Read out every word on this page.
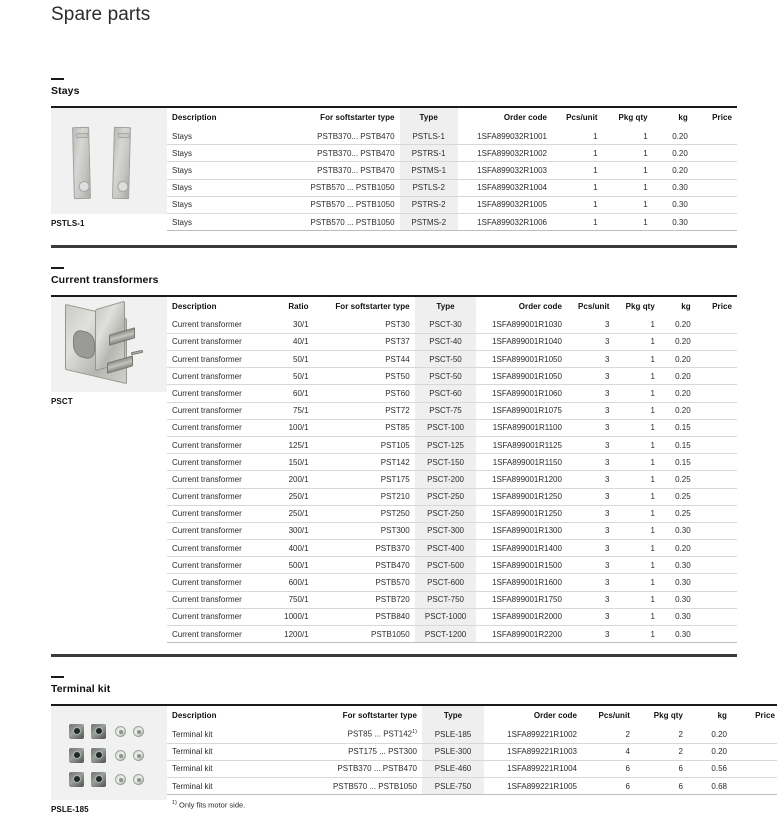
Spare parts
Stays
PSTLS-1
Description	For softstarter type	Type	Order code	Pcs/unit	Pkg qty	kg	Price
Stays	PSTB370... PSTB470	PSTLS-1	1SFA899032R1001	1	1	0.20	
Stays	PSTB370... PSTB470	PSTRS-1	1SFA899032R1002	1	1	0.20	
Stays	PSTB370... PSTB470	PSTMS-1	1SFA899032R1003	1	1	0.20	
Stays	PSTB570 ... PSTB1050	PSTLS-2	1SFA899032R1004	1	1	0.30	
Stays	PSTB570 ... PSTB1050	PSTRS-2	1SFA899032R1005	1	1	0.30	
Stays	PSTB570 ... PSTB1050	PSTMS-2	1SFA899032R1006	1	1	0.30	
Current transformers
PSCT
Description	Ratio	For softstarter type	Type	Order code	Pcs/unit	Pkg qty	kg	Price
Current transformer	30/1	PST30	PSCT-30	1SFA899001R1030	3	1	0.20	
Current transformer	40/1	PST37	PSCT-40	1SFA899001R1040	3	1	0.20	
Current transformer	50/1	PST44	PSCT-50	1SFA899001R1050	3	1	0.20	
Current transformer	50/1	PST50	PSCT-50	1SFA899001R1050	3	1	0.20	
Current transformer	60/1	PST60	PSCT-60	1SFA899001R1060	3	1	0.20	
Current transformer	75/1	PST72	PSCT-75	1SFA899001R1075	3	1	0.20	
Current transformer	100/1	PST85	PSCT-100	1SFA899001R1100	3	1	0.15	
Current transformer	125/1	PST105	PSCT-125	1SFA899001R1125	3	1	0.15	
Current transformer	150/1	PST142	PSCT-150	1SFA899001R1150	3	1	0.15	
Current transformer	200/1	PST175	PSCT-200	1SFA899001R1200	3	1	0.25	
Current transformer	250/1	PST210	PSCT-250	1SFA899001R1250	3	1	0.25	
Current transformer	250/1	PST250	PSCT-250	1SFA899001R1250	3	1	0.25	
Current transformer	300/1	PST300	PSCT-300	1SFA899001R1300	3	1	0.30	
Current transformer	400/1	PSTB370	PSCT-400	1SFA899001R1400	3	1	0.20	
Current transformer	500/1	PSTB470	PSCT-500	1SFA899001R1500	3	1	0.30	
Current transformer	600/1	PSTB570	PSCT-600	1SFA899001R1600	3	1	0.30	
Current transformer	750/1	PSTB720	PSCT-750	1SFA899001R1750	3	1	0.30	
Current transformer	1000/1	PSTB840	PSCT-1000	1SFA899001R2000	3	1	0.30	
Current transformer	1200/1	PSTB1050	PSCT-1200	1SFA899001R2200	3	1	0.30	
Terminal kit
PSLE-185
Description	For softstarter type	Type	Order code	Pcs/unit	Pkg qty	kg	Price
Terminal kit	PST85 ... PST142$^{1)}$	PSLE-185	1SFA899221R1002	2	2	0.20	
Terminal kit	PST175 ... PST300	PSLE-300	1SFA899221R1003	4	2	0.20	
Terminal kit	PSTB370 ... PSTB470	PSLE-460	1SFA899221R1004	6	6	0.56	
Terminal kit	PSTB570 ... PSTB1050	PSLE-750	1SFA899221R1005	6	6	0.68	
$^{1)}$ Only fits motor side.
